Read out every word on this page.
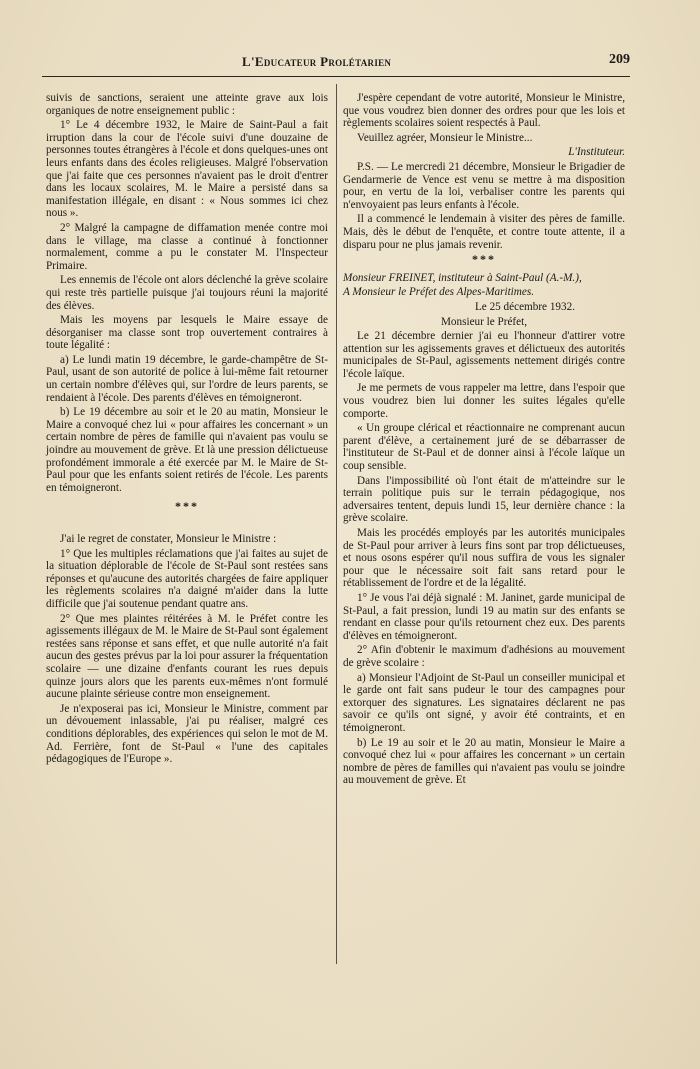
L'Educateur Prolétarien	209

suivis de sanctions, seraient une atteinte grave aux lois organiques de notre enseignement public :

1° Le 4 décembre 1932, le Maire de Saint-Paul a fait irruption dans la cour de l'école suivi d'une douzaine de personnes toutes étrangères à l'école et dons quelques-unes ont leurs enfants dans des écoles religieuses. Malgré l'observation que j'ai faite que ces personnes n'avaient pas le droit d'entrer dans les locaux scolaires, M. le Maire a persisté dans sa manifestation illégale, en disant : « Nous sommes ici chez nous ».

2° Malgré la campagne de diffamation menée contre moi dans le village, ma classe a continué à fonctionner normalement, comme a pu le constater M. l'Inspecteur Primaire.

Les ennemis de l'école ont alors déclenché la grève scolaire qui reste très partielle puisque j'ai toujours réuni la majorité des élèves.

Mais les moyens par lesquels le Maire essaye de désorganiser ma classe sont trop ouvertement contraires à toute légalité :

a) Le lundi matin 19 décembre, le garde-champêtre de St-Paul, usant de son autorité de police à lui-même fait retourner un certain nombre d'élèves qui, sur l'ordre de leurs parents, se rendaient à l'école. Des parents d'élèves en témoigneront.

b) Le 19 décembre au soir et le 20 au matin, Monsieur le Maire a convoqué chez lui « pour affaires les concernant » un certain nombre de pères de famille qui n'avaient pas voulu se joindre au mouvement de grève. Et là une pression délictueuse profondément immorale a été exercée par M. le Maire de St-Paul pour que les enfants soient retirés de l'école. Les parents en témoigneront.

***

J'ai le regret de constater, Monsieur le Ministre :

1° Que les multiples réclamations que j'ai faites au sujet de la situation déplorable de l'école de St-Paul sont restées sans réponses et qu'aucune des autorités chargées de faire appliquer les règlements scolaires n'a daigné m'aider dans la lutte difficile que j'ai soutenue pendant quatre ans.

2° Que mes plaintes réitérées à M. le Préfet contre les agissements illégaux de M. le Maire de St-Paul sont également restées sans réponse et sans effet, et que nulle autorité n'a fait aucun des gestes prévus par la loi pour assurer la fréquentation scolaire — une dizaine d'enfants courant les rues depuis quinze jours alors que les parents eux-mêmes n'ont formulé aucune plainte sérieuse contre mon enseignement.

Je n'exposerai pas ici, Monsieur le Ministre, comment par un dévouement inlassable, j'ai pu réaliser, malgré ces conditions déplorables, des expériences qui selon le mot de M. Ad. Ferrière, font de St-Paul « l'une des capitales pédagogiques de l'Europe ».

J'espère cependant de votre autorité, Monsieur le Ministre, que vous voudrez bien donner des ordres pour que les lois et règlements scolaires soient respectés à Paul.

Veuillez agréer, Monsieur le Ministre...

L'Instituteur.

P.S. — Le mercredi 21 décembre, Monsieur le Brigadier de Gendarmerie de Vence est venu se mettre à ma disposition pour, en vertu de la loi, verbaliser contre les parents qui n'envoyaient pas leurs enfants à l'école.

Il a commencé le lendemain à visiter des pères de famille. Mais, dès le début de l'enquête, et contre toute attente, il a disparu pour ne plus jamais revenir.

***

Monsieur FREINET, instituteur à Saint-Paul (A.-M.),

A Monsieur le Préfet des Alpes-Maritimes.

Le 25 décembre 1932.

Monsieur le Préfet,

Le 21 décembre dernier j'ai eu l'honneur d'attirer votre attention sur les agissements graves et délictueux des autorités municipales de St-Paul, agissements nettement dirigés contre l'école laïque.

Je me permets de vous rappeler ma lettre, dans l'espoir que vous voudrez bien lui donner les suites légales qu'elle comporte.

« Un groupe clérical et réactionnaire ne comprenant aucun parent d'élève, a certainement juré de se débarrasser de l'instituteur de St-Paul et de donner ainsi à l'école laïque un coup sensible.

Dans l'impossibilité où l'ont était de m'atteindre sur le terrain politique puis sur le terrain pédagogique, nos adversaires tentent, depuis lundi 15, leur dernière chance : la grève scolaire.

Mais les procédés employés par les autorités municipales de St-Paul pour arriver à leurs fins sont par trop délictueuses, et nous osons espérer qu'il nous suffira de vous les signaler pour que le nécessaire soit fait sans retard pour le rétablissement de l'ordre et de la légalité.

1° Je vous l'ai déjà signalé : M. Janinet, garde municipal de St-Paul, a fait pression, lundi 19 au matin sur des enfants se rendant en classe pour qu'ils retournent chez eux. Des parents d'élèves en témoigneront.

2° Afin d'obtenir le maximum d'adhésions au mouvement de grève scolaire :

a) Monsieur l'Adjoint de St-Paul un conseiller municipal et le garde ont fait sans pudeur le tour des campagnes pour extorquer des signatures. Les signataires déclarent ne pas savoir ce qu'ils ont signé, y avoir été contraints, et en témoigneront.

b) Le 19 au soir et le 20 au matin, Monsieur le Maire a convoqué chez lui « pour affaires les concernant » un certain nombre de pères de familles qui n'avaient pas voulu se joindre au mouvement de grève. Et
